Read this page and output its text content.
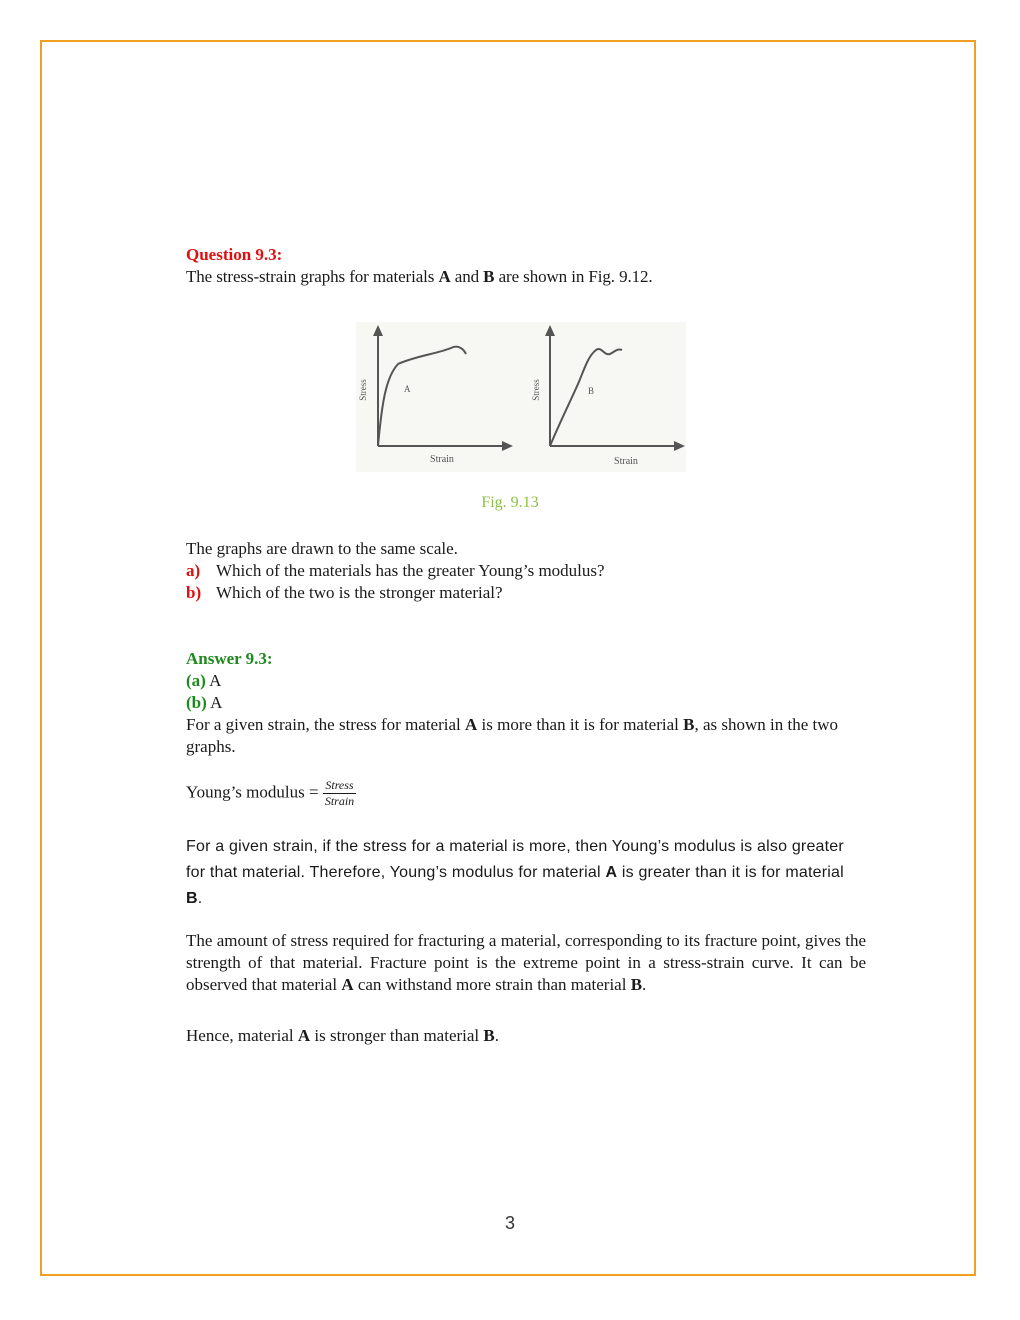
Question 9.3:
The stress-strain graphs for materials A and B are shown in Fig. 9.12.
A
Stress
Strain
B
Stress
Strain
Fig. 9.13
The graphs are drawn to the same scale.
a) Which of the materials has the greater Young’s modulus?
b) Which of the two is the stronger material?
Answer 9.3:
(a) A
(b) A
For a given strain, the stress for material A is more than it is for material B, as shown in the two graphs.
Young’s modulus = $\frac{\text{Stress}}{\text{Strain}}$
For a given strain, if the stress for a material is more, then Young’s modulus is also greater for that material. Therefore, Young’s modulus for material A is greater than it is for material B.
The amount of stress required for fracturing a material, corresponding to its fracture point, gives the strength of that material. Fracture point is the extreme point in a stress-strain curve. It can be observed that material A can withstand more strain than material B.
Hence, material A is stronger than material B.
3
